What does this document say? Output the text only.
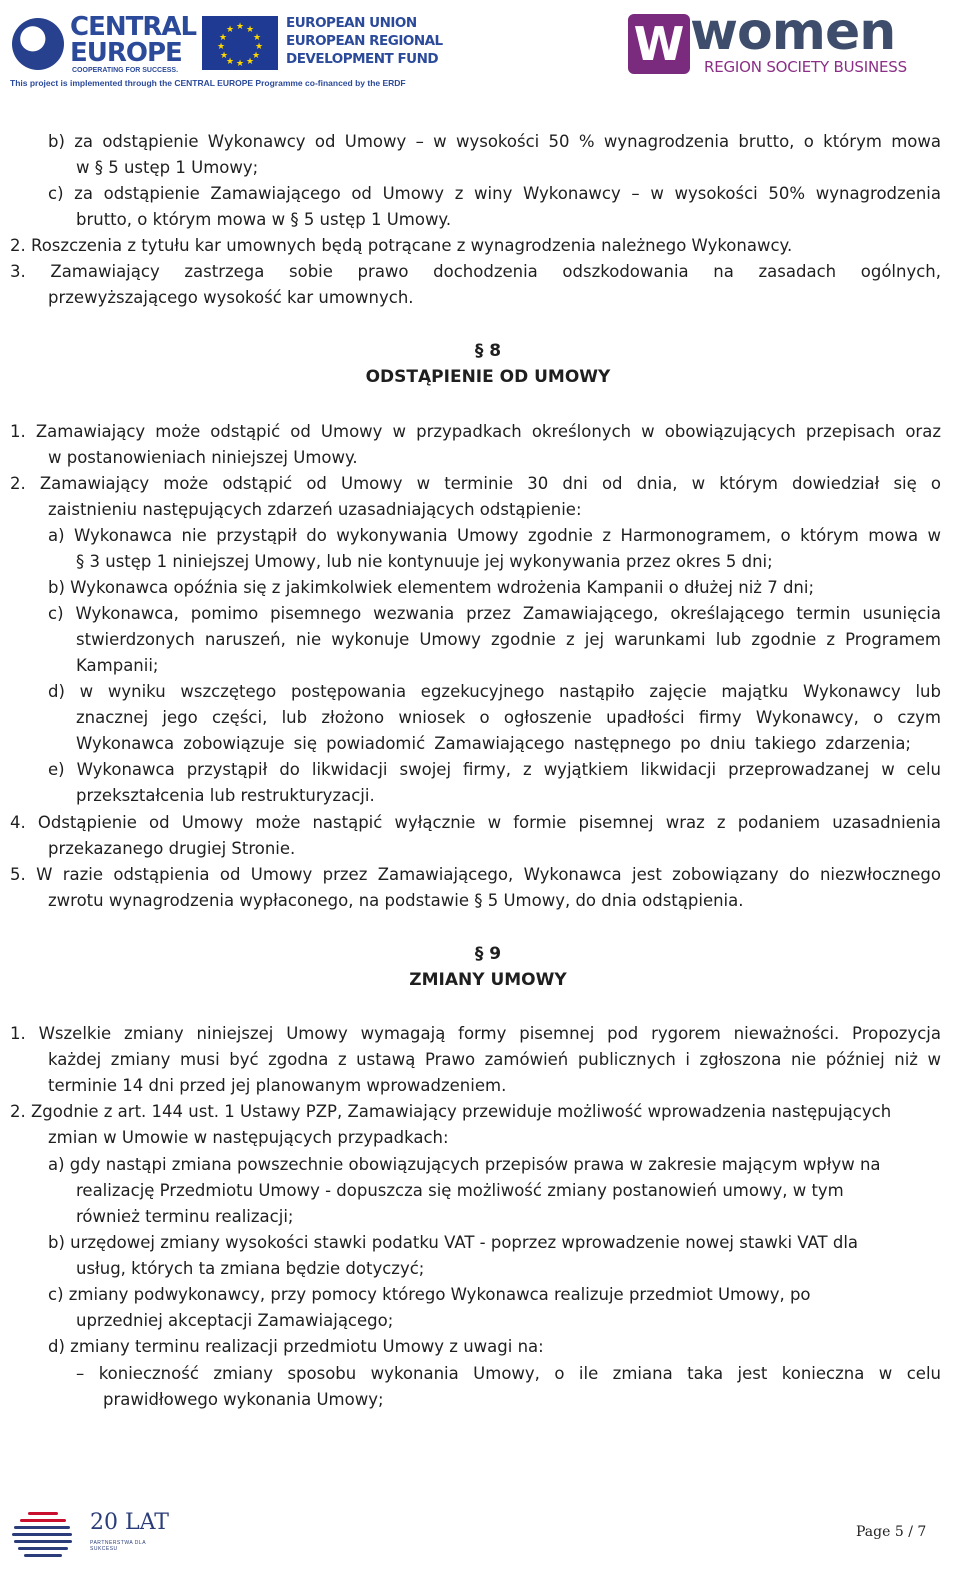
CENTRAL
EUROPE
COOPERATING FOR SUCCESS.
★ ★
★
★
★
★
★
★
★
★
★
★	EUROPEAN UNION
EUROPEAN REGIONAL
DEVELOPMENT FUND
This project is implemented through the CENTRAL EUROPE Programme co-financed by the ERDF
W women
REGION SOCIETY BUSINESS
b) za odstąpienie Wykonawcy od Umowy – w wysokości 50 % wynagrodzenia brutto, o którym mowa
w § 5 ustęp 1 Umowy;
c) za odstąpienie Zamawiającego od Umowy z winy Wykonawcy – w wysokości 50% wynagrodzenia
brutto, o którym mowa w § 5 ustęp 1 Umowy.
2. Roszczenia z tytułu kar umownych będą potrącane z wynagrodzenia należnego Wykonawcy.
3. Zamawiający zastrzega sobie prawo dochodzenia odszkodowania na zasadach ogólnych,
przewyższającego wysokość kar umownych.
§ 8
ODSTĄPIENIE OD UMOWY
1. Zamawiający może odstąpić od Umowy w przypadkach określonych w obowiązujących przepisach oraz
w postanowieniach niniejszej Umowy.
2. Zamawiający może odstąpić od Umowy w terminie 30 dni od dnia, w którym dowiedział się o
zaistnieniu następujących zdarzeń uzasadniających odstąpienie:
a) Wykonawca nie przystąpił do wykonywania Umowy zgodnie z Harmonogramem, o którym mowa w
§ 3 ustęp 1 niniejszej Umowy, lub nie kontynuuje jej wykonywania przez okres 5 dni;
b) Wykonawca opóźnia się z jakimkolwiek elementem wdrożenia Kampanii o dłużej niż 7 dni;
c) Wykonawca, pomimo pisemnego wezwania przez Zamawiającego, określającego termin usunięcia
stwierdzonych naruszeń, nie wykonuje Umowy zgodnie z jej warunkami lub zgodnie z Programem
Kampanii;
d) w wyniku wszczętego postępowania egzekucyjnego nastąpiło zajęcie majątku Wykonawcy lub
znacznej jego części, lub złożono wniosek o ogłoszenie upadłości firmy Wykonawcy, o czym
Wykonawca zobowiązuje się powiadomić Zamawiającego następnego po dniu takiego zdarzenia;
e) Wykonawca przystąpił do likwidacji swojej firmy, z wyjątkiem likwidacji przeprowadzanej w celu
przekształcenia lub restrukturyzacji.
4. Odstąpienie od Umowy może nastąpić wyłącznie w formie pisemnej wraz z podaniem uzasadnienia
przekazanego drugiej Stronie.
5. W razie odstąpienia od Umowy przez Zamawiającego, Wykonawca jest zobowiązany do niezwłocznego
zwrotu wynagrodzenia wypłaconego, na podstawie § 5 Umowy, do dnia odstąpienia.
§ 9
ZMIANY UMOWY
1. Wszelkie zmiany niniejszej Umowy wymagają formy pisemnej pod rygorem nieważności. Propozycja
każdej zmiany musi być zgodna z ustawą Prawo zamówień publicznych i zgłoszona nie później niż w
terminie 14 dni przed jej planowanym wprowadzeniem.
2. Zgodnie z art. 144 ust. 1 Ustawy PZP, Zamawiający przewiduje możliwość wprowadzenia następujących
zmian w Umowie w następujących przypadkach:
a) gdy nastąpi zmiana powszechnie obowiązujących przepisów prawa w zakresie mającym wpływ na
realizację Przedmiotu Umowy - dopuszcza się możliwość zmiany postanowień umowy, w tym
również terminu realizacji;
b) urzędowej zmiany wysokości stawki podatku VAT - poprzez wprowadzenie nowej stawki VAT dla
usług, których ta zmiana będzie dotyczyć;
c) zmiany podwykonawcy, przy pomocy którego Wykonawca realizuje przedmiot Umowy, po
uprzedniej akceptacji Zamawiającego;
d) zmiany terminu realizacji przedmiotu Umowy z uwagi na:
– konieczność zmiany sposobu wykonania Umowy, o ile zmiana taka jest konieczna w celu
prawidłowego wykonania Umowy;
20 LAT
PARTNERSTWA DLA SUKCESU
Page 5 / 7
